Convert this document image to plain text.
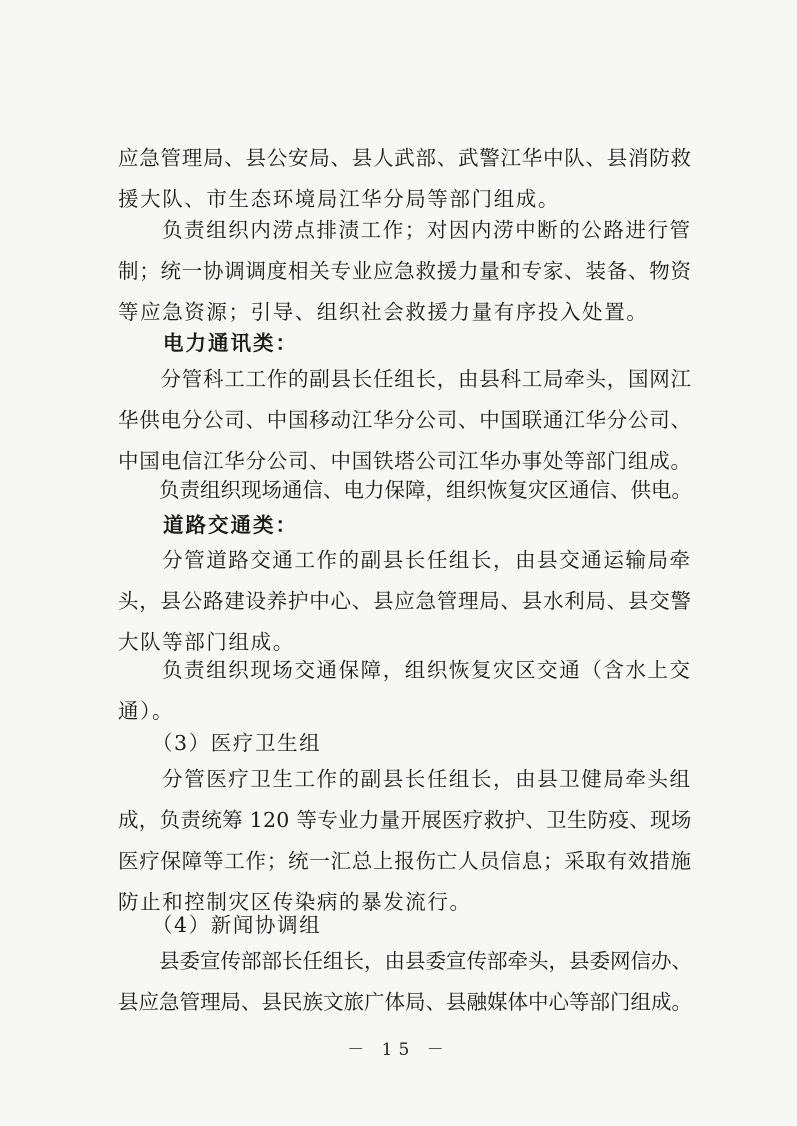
应急管理局、县公安局、县人武部、武警江华中队、县消防救
援大队、市生态环境局江华分局等部门组成。

　　负责组织内涝点排渍工作；对因内涝中断的公路进行管
制；统一协调调度相关专业应急救援力量和专家、装备、物资
等应急资源；引导、组织社会救援力量有序投入处置。

　　电力通讯类：

　　分管科工工作的副县长任组长，由县科工局牵头，国网江
华供电分公司、中国移动江华分公司、中国联通江华分公司、
中国电信江华分公司、中国铁塔公司江华办事处等部门组成。

　　负责组织现场通信、电力保障，组织恢复灾区通信、供电。

　　道路交通类：

　　分管道路交通工作的副县长任组长，由县交通运输局牵
头，县公路建设养护中心、县应急管理局、县水利局、县交警
大队等部门组成。

　　负责组织现场交通保障，组织恢复灾区交通（含水上交
通）。

　　（3）医疗卫生组

　　分管医疗卫生工作的副县长任组长，由县卫健局牵头组
成，负责统筹 120 等专业力量开展医疗救护、卫生防疫、现场
医疗保障等工作；统一汇总上报伤亡人员信息；采取有效措施
防止和控制灾区传染病的暴发流行。

　　（4）新闻协调组

　　县委宣传部部长任组长，由县委宣传部牵头，县委网信办、
县应急管理局、县民族文旅广体局、县融媒体中心等部门组成。

－ 15 －
